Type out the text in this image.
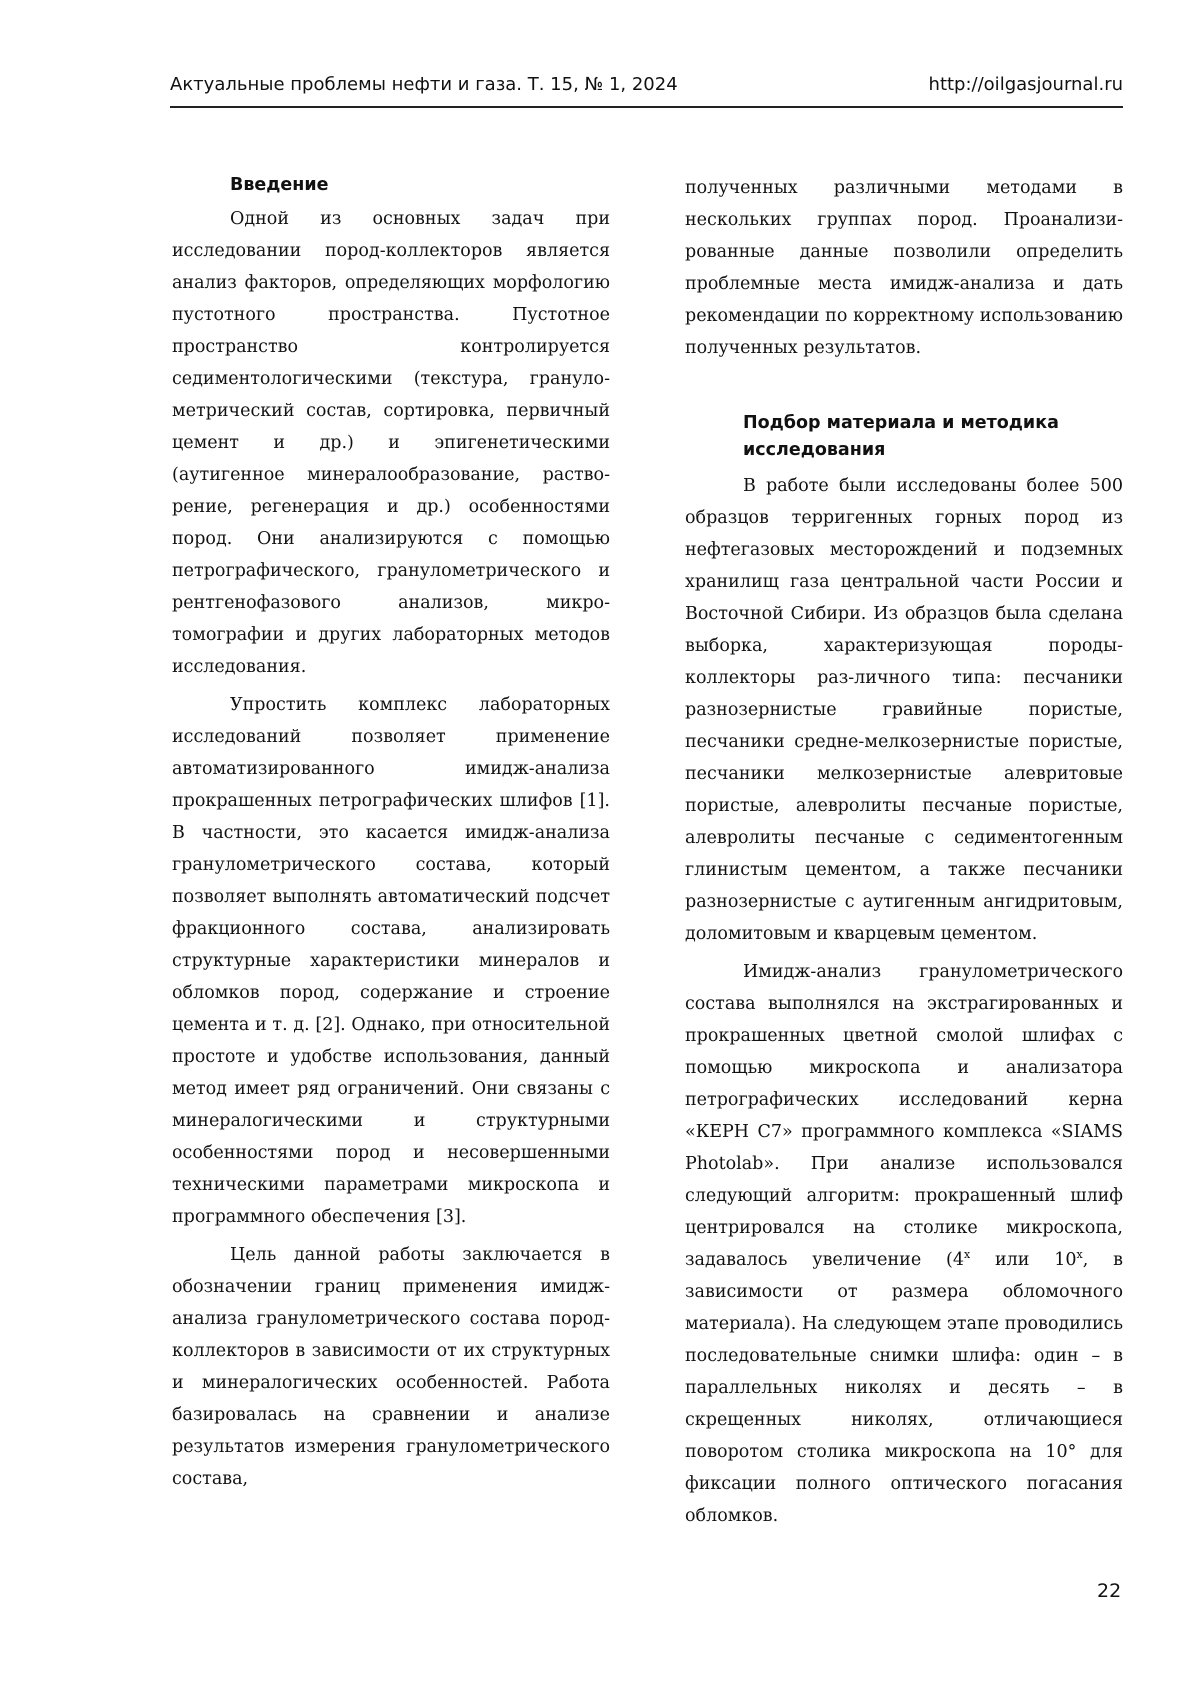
Актуальные проблемы нефти и газа. Т. 15, № 1, 2024	http://oilgasjournal.ru
Введение

Одной из основных задач при исследовании пород-коллекторов является анализ факторов, определяющих морфологию пустотного пространства. Пустотное пространство контролируется седиментологическими (текстура, грануло-метрический состав, сортировка, первичный цемент и др.) и эпигенетическими (аутигенное минералообразование, раство-рение, регенерация и др.) особенностями пород. Они анализируются с помощью петрографического, гранулометрического и рентгенофазового анализов, микро-томографии и других лабораторных методов исследования.

Упростить комплекс лабораторных исследований позволяет применение автоматизированного имидж-анализа прокрашенных петрографических шлифов [1]. В частности, это касается имидж-анализа гранулометрического состава, который позволяет выполнять автоматический подсчет фракционного состава, анализировать структурные характеристики минералов и обломков пород, содержание и строение цемента и т. д. [2]. Однако, при относительной простоте и удобстве использования, данный метод имеет ряд ограничений. Они связаны с минералогическими и структурными особенностями пород и несовершенными техническими параметрами микроскопа и программного обеспечения [3].

Цель данной работы заключается в обозначении границ применения имидж-анализа гранулометрического состава пород-коллекторов в зависимости от их структурных и минералогических особенностей. Работа базировалась на сравнении и анализе результатов измерения гранулометрического состава,

полученных различными методами в нескольких группах пород. Проанализи-рованные данные позволили определить проблемные места имидж-анализа и дать рекомендации по корректному использованию полученных результатов.

Подбор материала и методика
исследования

В работе были исследованы более 500 образцов терригенных горных пород из нефтегазовых месторождений и подземных хранилищ газа центральной части России и Восточной Сибири. Из образцов была сделана выборка, характеризующая породы-коллекторы раз-личного типа: песчаники разнозернистые гравийные пористые, песчаники средне-мелкозернистые пористые, песчаники мелкозернистые алевритовые пористые, алевролиты песчаные пористые, алевролиты песчаные с седиментогенным глинистым цементом, а также песчаники разнозернистые с аутигенным ангидритовым, доломитовым и кварцевым цементом.

Имидж-анализ гранулометрического состава выполнялся на экстрагированных и прокрашенных цветной смолой шлифах с помощью микроскопа и анализатора петрографических исследований керна «КЕРН С7» программного комплекса «SIAMS Photolab». При анализе использовался следующий алгоритм: прокрашенный шлиф центрировался на столике микроскопа, задавалось увеличение ($4^х$ или $10^х$, в зависимости от размера обломочного материала). На следующем этапе проводились последовательные снимки шлифа: один – в параллельных николях и десять – в скрещенных николях, отличающиеся поворотом столика микроскопа на 10° для фиксации полного оптического погасания обломков.

22
